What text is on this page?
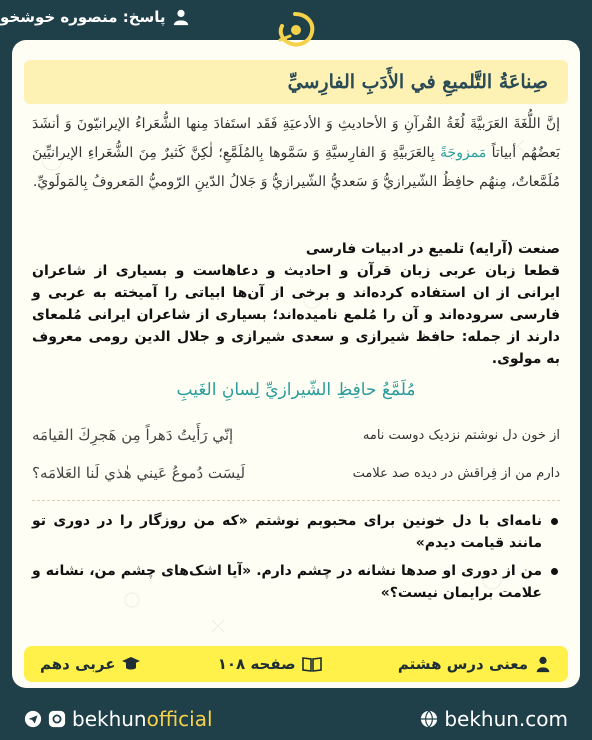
پاسخ: منصوره خوشخو
صِناعَةُ التَّلميعِ في الأَدَبِ الفارِسيِّ
إنَّ اللُّغَةَ العَرَبيَّةَ لُغَةُ القُرآنِ وَ الأحاديثِ وَ الأدعيَةِ فَقَد استَفادَ مِنها الشُّعَراءُ الإيرانيّونَ وَ أنشَدَ بَعضُهُم أبياتاً مَمزوجَةً بِالعَرَبيَّةِ وَ الفارِسيَّةِ وَ سَمَّوها بِالمُلَمَّعِ؛ لٰكِنَّ كَثيرٌ مِنَ الشُّعَراءِ الإيرانيِّينَ مُلَمَّعاتٌ، مِنهُم حافِظُ الشّيرازيُّ وَ سَعديُّ الشّيرازيُّ وَ جَلالُ الدّينِ الرّوميُّ المَعروفُ بِالمَولَويِّ.
صنعت (آرایه) تلمیع در ادبیات فارسی
قطعا زبان عربی زبان قرآن و احادیث و دعاهاست و بسیاری از شاعران ایرانی از ان استفاده کرده‌اند و برخی از آن‌ها ابیاتی را آمیخته به عربی و فارسی سروده‌اند و آن را مُلمع نامیده‌اند؛ بسیاری از شاعران ایرانی مُلمعای دارند از جمله: حافظ شیرازی و سعدی شیرازی و جلال الدین رومی معروف به مولوی.
مُلَمَّعُ حافِظِ الشّيرازيِّ لِسانِ الغَيبِ
از خون دل نوشتم نزدیک دوست نامه
إنّي رَأَيتُ دَهراً مِن هَجرِكَ القيامَه
دارم من از فِراقش در دیده صد علامت
لَيسَت دُموعُ عَيني هٰذي لَنا العَلامَه؟
نامه‌ای با دل خونین برای محبوبم نوشتم «که من روزگار را در دوری تو مانند قیامت دیدم»
من از دوری او صدها نشانه در چشم دارم. «آیا اشک‌های چشم من، نشانه و علامت برایمان نیست؟»
معنی درس هشتم
صفحه ۱۰۸
عربی دهم
bekhunofficial	bekhun.com
